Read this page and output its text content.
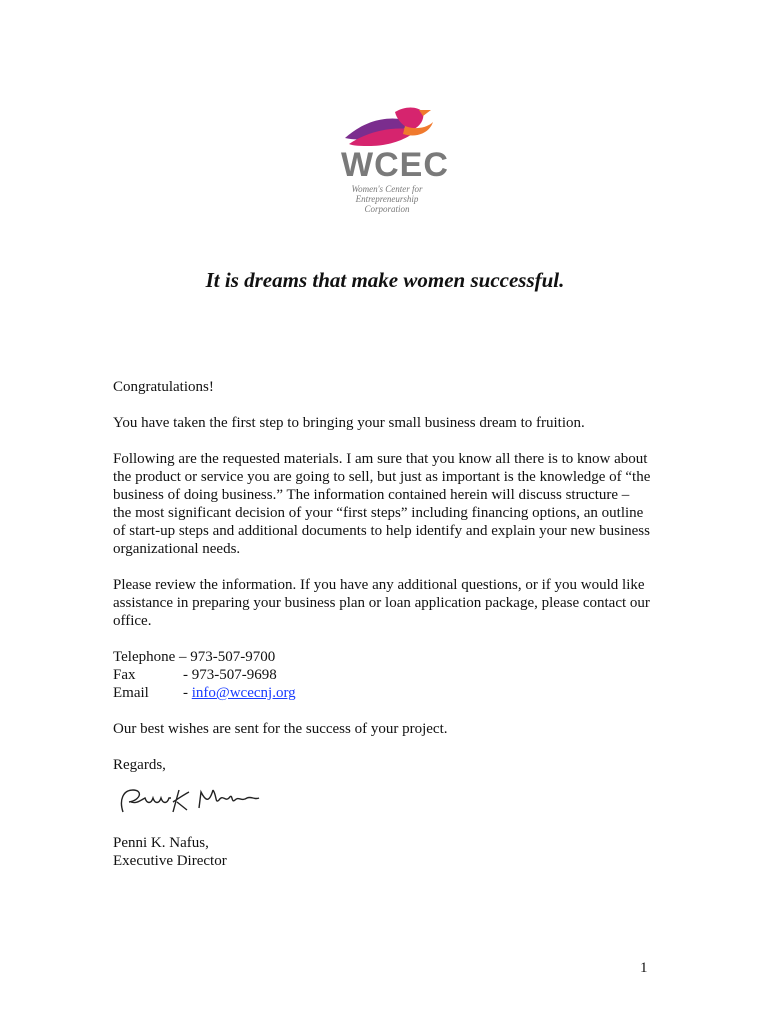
WCEC
Women's Center for
Entrepreneurship
Corporation
It is dreams that make women successful.
Congratulations!
You have taken the first step to bringing your small business dream to fruition.
Following are the requested materials. I am sure that you know all there is to know about
the product or service you are going to sell, but just as important is the knowledge of “the
business of doing business.” The information contained herein will discuss structure –
the most significant decision of your “first steps” including financing options, an outline
of start-up steps and additional documents to help identify and explain your new business
organizational needs.
Please review the information. If you have any additional questions, or if you would like
assistance in preparing your business plan or loan application package, please contact our
office.
Telephone – 973-507-9700
Fax	- 973-507-9698
Email - info@wcecnj.org
Our best wishes are sent for the success of your project.
Regards,
Penni K. Nafus,
Executive Director
1
